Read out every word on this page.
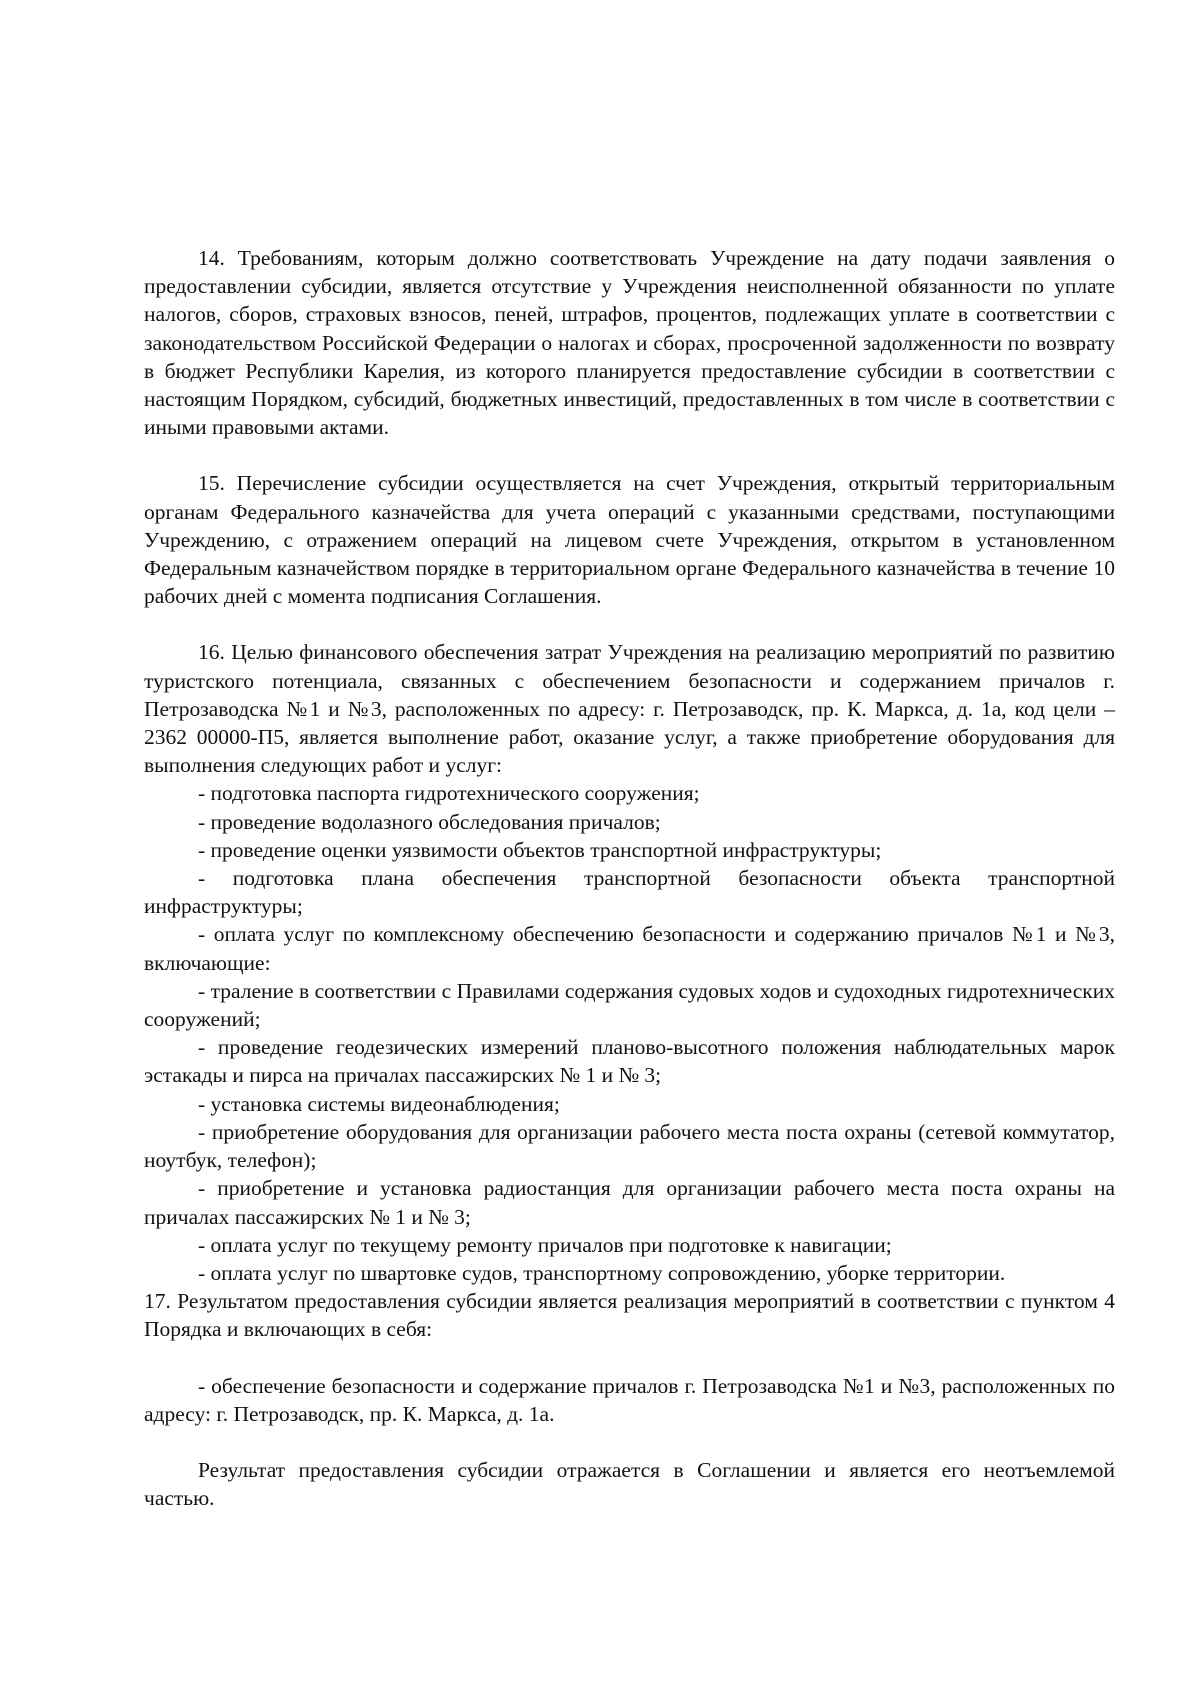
14. Требованиям, которым должно соответствовать Учреждение на дату подачи заявления о предоставлении субсидии, является отсутствие у Учреждения неисполненной обязанности по уплате налогов, сборов, страховых взносов, пеней, штрафов, процентов, подлежащих уплате в соответствии с законодательством Российской Федерации о налогах и сборах, просроченной задолженности по возврату в бюджет Республики Карелия, из которого планируется предоставление субсидии в соответствии с настоящим Порядком, субсидий, бюджетных инвестиций, предоставленных в том числе в соответствии с иными правовыми актами.

15. Перечисление субсидии осуществляется на счет Учреждения, открытый территориальным органам Федерального казначейства для учета операций с указанными средствами, поступающими Учреждению, с отражением операций на лицевом счете Учреждения, открытом в установленном Федеральным казначейством порядке в территориальном органе Федерального казначейства в течение 10 рабочих дней с момента подписания Соглашения.

16. Целью финансового обеспечения затрат Учреждения на реализацию мероприятий по развитию туристского потенциала, связанных с обеспечением безопасности и содержанием причалов г. Петрозаводска №1 и №3, расположенных по адресу: г. Петрозаводск, пр. К. Маркса, д. 1а, код цели – 2362 00000-П5, является выполнение работ, оказание услуг, а также приобретение оборудования для выполнения следующих работ и услуг:

- подготовка паспорта гидротехнического сооружения;

- проведение водолазного обследования причалов;

- проведение оценки уязвимости объектов транспортной инфраструктуры;

- подготовка плана обеспечения транспортной безопасности объекта транспортной инфраструктуры;

- оплата услуг по комплексному обеспечению безопасности и содержанию причалов №1 и №3, включающие:

- траление в соответствии с Правилами содержания судовых ходов и судоходных гидротехнических сооружений;

- проведение геодезических измерений планово-высотного положения наблюдательных марок эстакады и пирса на причалах пассажирских № 1 и № 3;

- установка системы видеонаблюдения;

- приобретение оборудования для организации рабочего места поста охраны (сетевой коммутатор, ноутбук, телефон);

- приобретение и установка радиостанция для организации рабочего места поста охраны на причалах пассажирских № 1 и № 3;

- оплата услуг по текущему ремонту причалов при подготовке к навигации;

- оплата услуг по швартовке судов, транспортному сопровождению, уборке территории.

17. Результатом предоставления субсидии является реализация мероприятий в соответствии с пунктом 4 Порядка и включающих в себя:

- обеспечение безопасности и содержание причалов г. Петрозаводска №1 и №3, расположенных по адресу: г. Петрозаводск, пр. К. Маркса, д. 1а.

Результат предоставления субсидии отражается в Соглашении и является его неотъемлемой частью.
